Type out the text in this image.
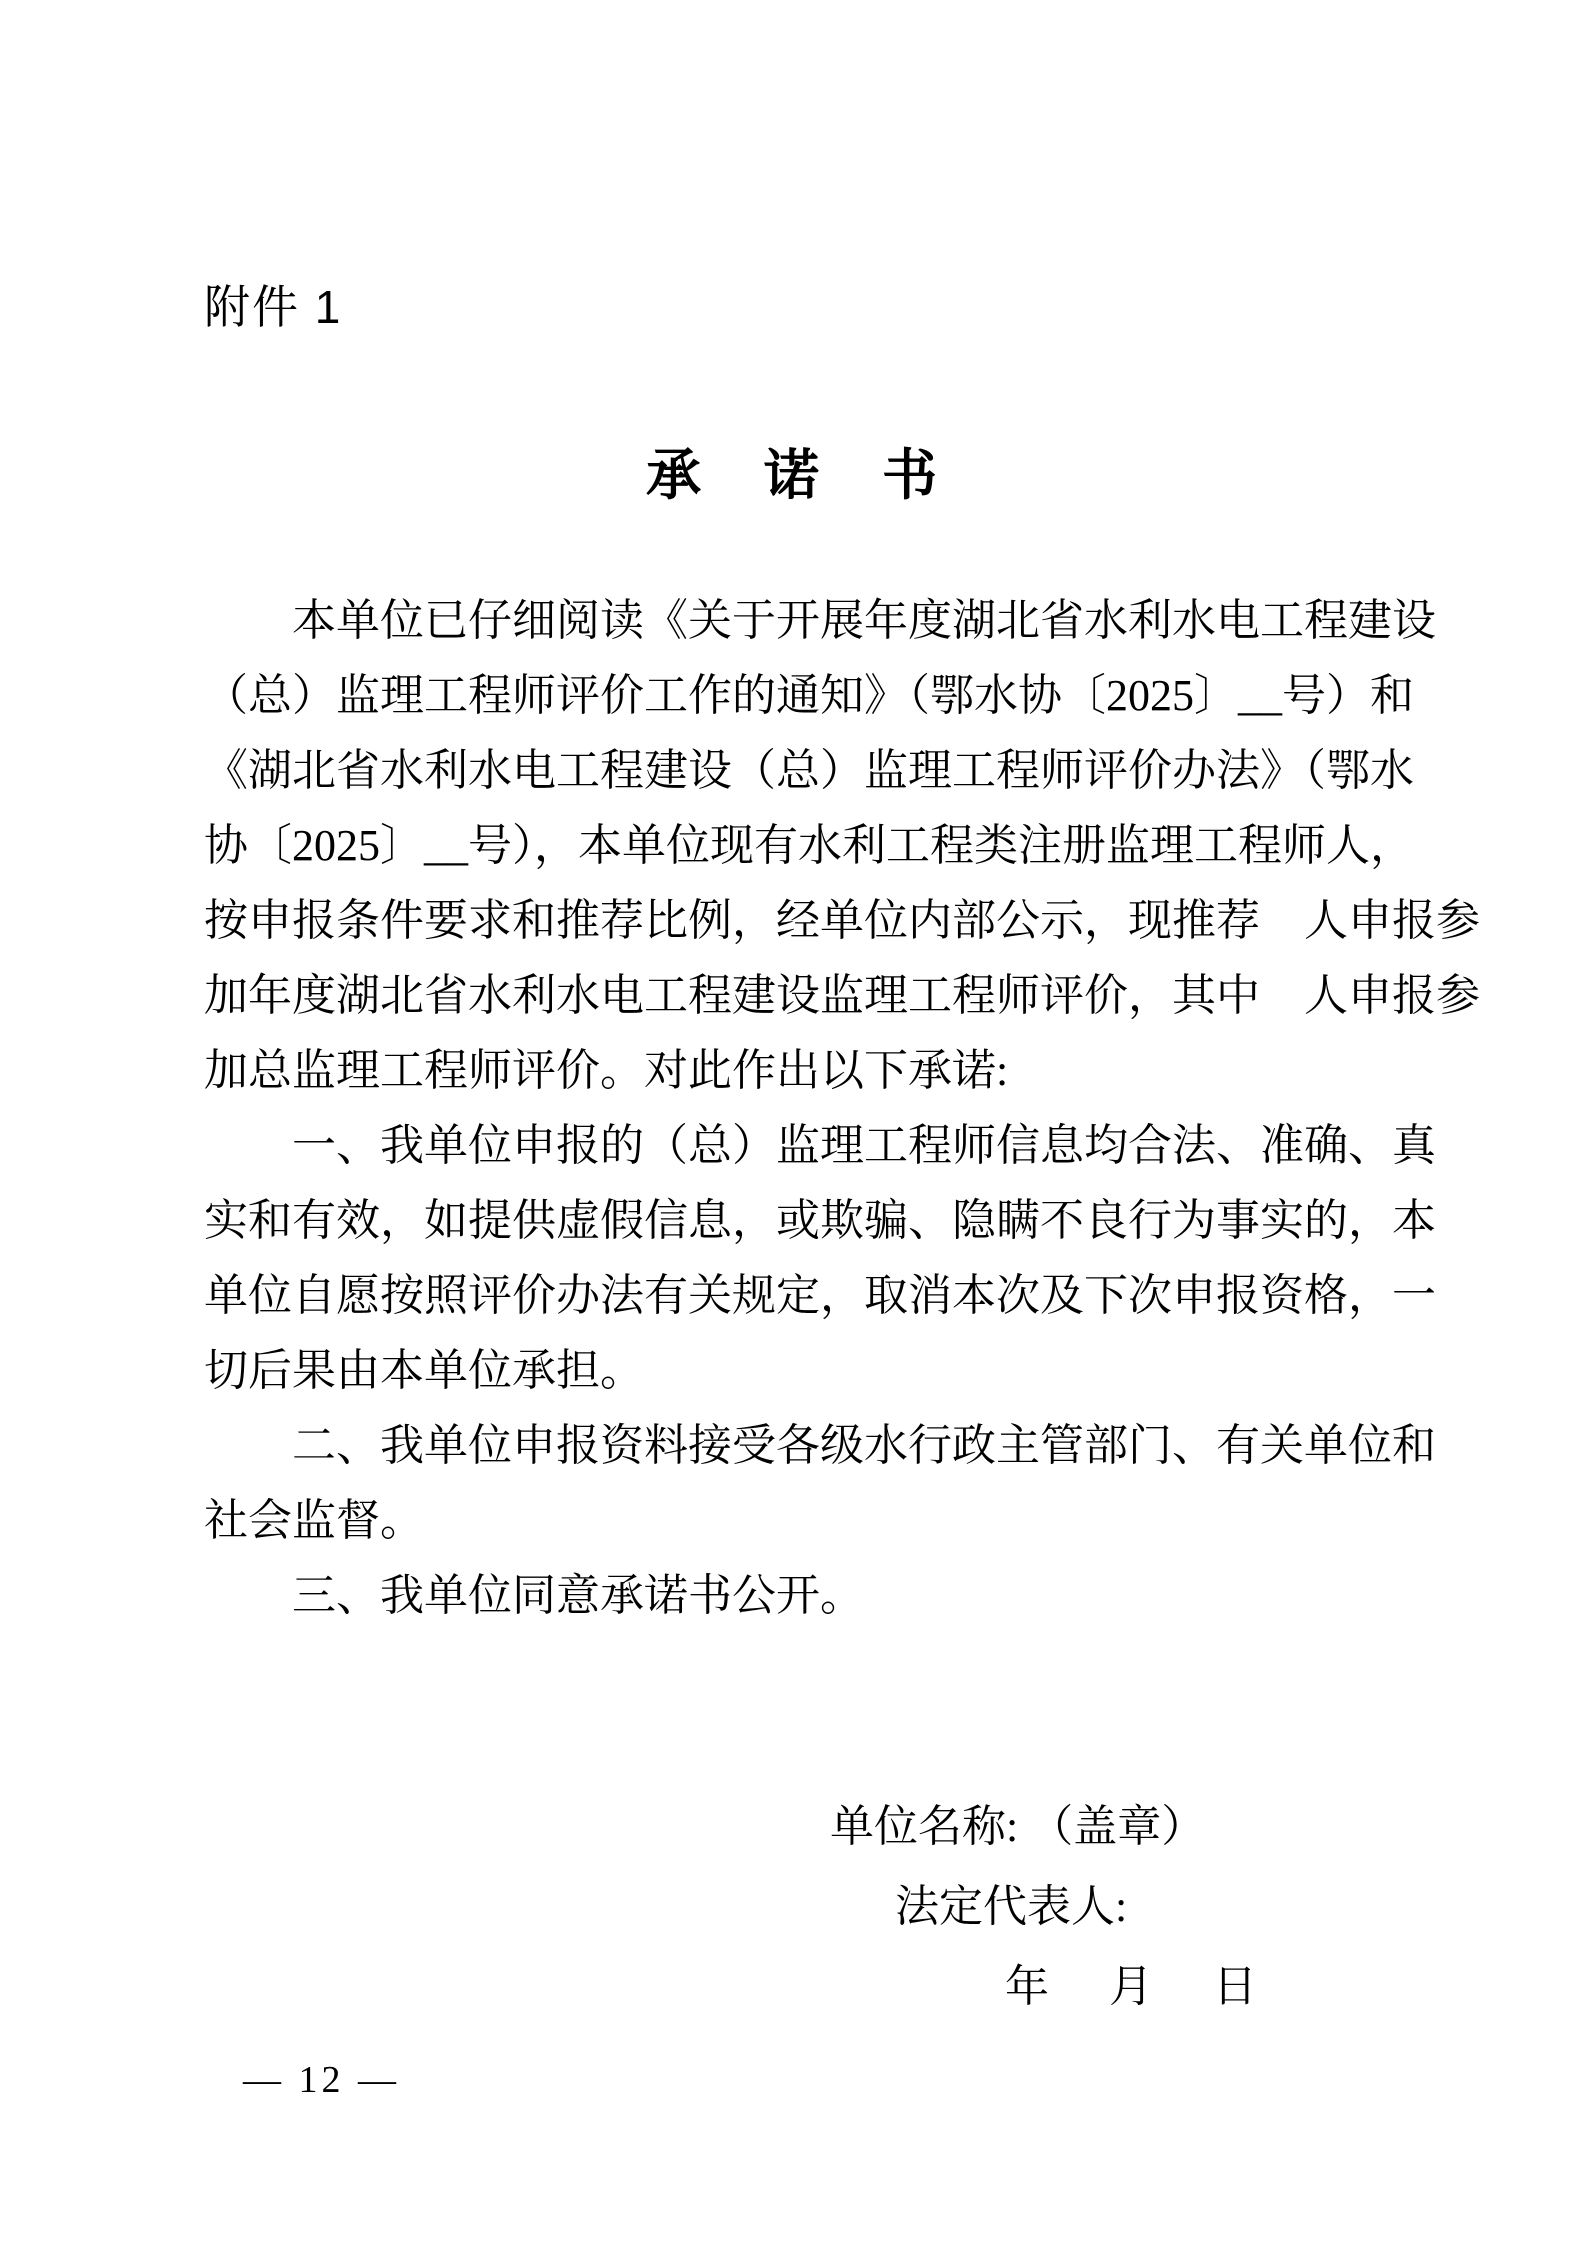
附件 1
承　诺　书
本单位已仔细阅读《关于开展年度湖北省水利水电工程建设
（总）监理工程师评价工作的通知》（鄂水协〔2025〕__号）和
《湖北省水利水电工程建设（总）监理工程师评价办法》（鄂水
协〔2025〕__号），本单位现有水利工程类注册监理工程师人，
按申报条件要求和推荐比例，经单位内部公示，现推荐　人申报参
加年度湖北省水利水电工程建设监理工程师评价，其中　人申报参
加总监理工程师评价。对此作出以下承诺:
一、我单位申报的（总）监理工程师信息均合法、准确、真
实和有效，如提供虚假信息，或欺骗、隐瞒不良行为事实的，本
单位自愿按照评价办法有关规定，取消本次及下次申报资格，一
切后果由本单位承担。
二、我单位申报资料接受各级水行政主管部门、有关单位和
社会监督。
三、我单位同意承诺书公开。
单位名称: （盖章）
法定代表人:
年　月　日
— 12 —
